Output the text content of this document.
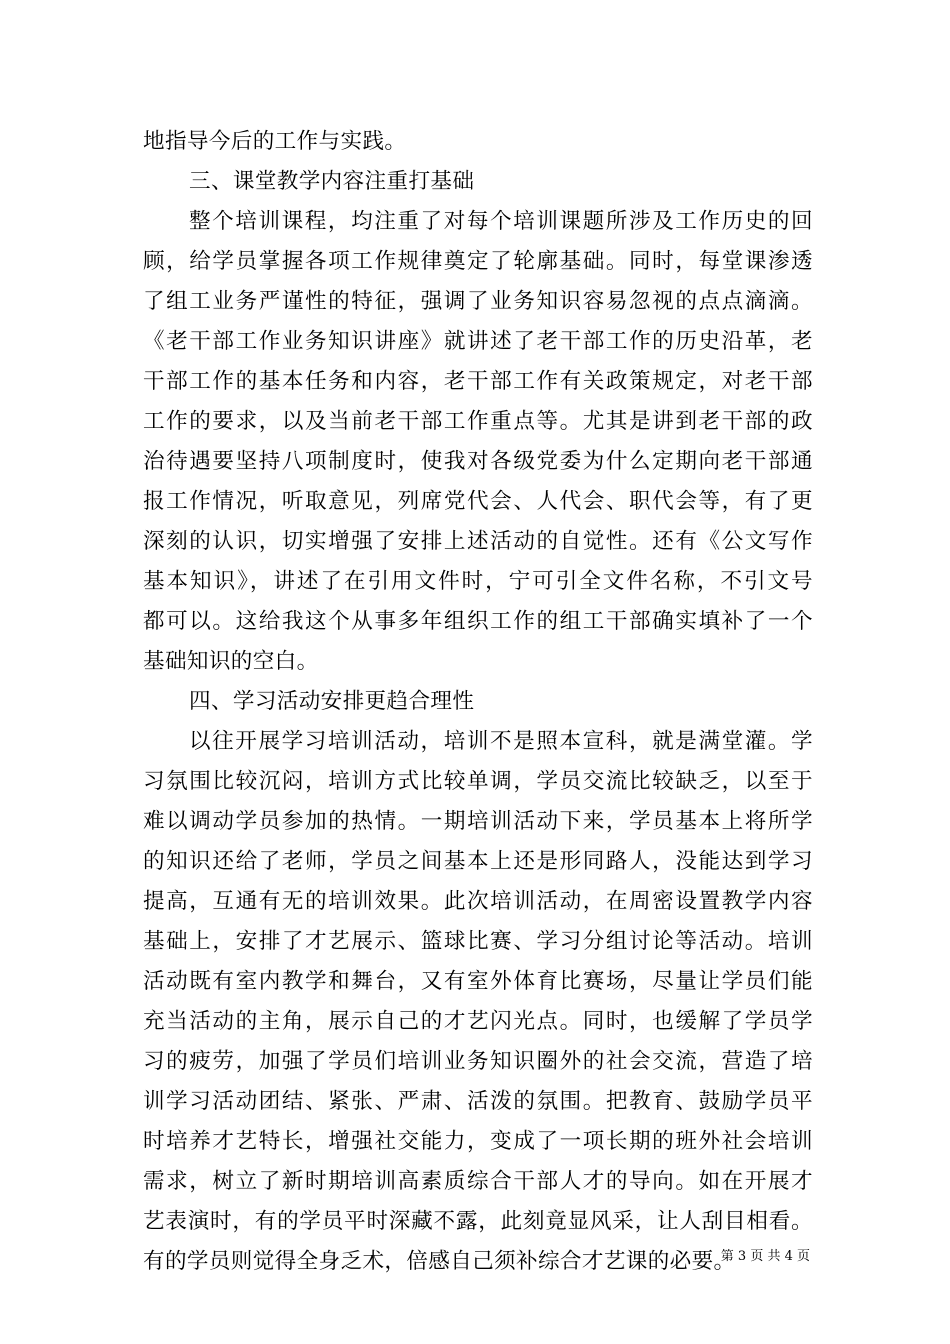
地指导今后的工作与实践。
三、课堂教学内容注重打基础
整个培训课程，均注重了对每个培训课题所涉及工作历史的回
顾，给学员掌握各项工作规律奠定了轮廓基础。同时，每堂课渗透
了组工业务严谨性的特征，强调了业务知识容易忽视的点点滴滴。
《老干部工作业务知识讲座》就讲述了老干部工作的历史沿革，老
干部工作的基本任务和内容，老干部工作有关政策规定，对老干部
工作的要求，以及当前老干部工作重点等。尤其是讲到老干部的政
治待遇要坚持八项制度时，使我对各级党委为什么定期向老干部通
报工作情况，听取意见，列席党代会、人代会、职代会等，有了更
深刻的认识，切实增强了安排上述活动的自觉性。还有《公文写作
基本知识》，讲述了在引用文件时，宁可引全文件名称，不引文号
都可以。这给我这个从事多年组织工作的组工干部确实填补了一个
基础知识的空白。
四、学习活动安排更趋合理性
以往开展学习培训活动，培训不是照本宣科，就是满堂灌。学
习氛围比较沉闷，培训方式比较单调，学员交流比较缺乏，以至于
难以调动学员参加的热情。一期培训活动下来，学员基本上将所学
的知识还给了老师，学员之间基本上还是形同路人，没能达到学习
提高，互通有无的培训效果。此次培训活动，在周密设置教学内容
基础上，安排了才艺展示、篮球比赛、学习分组讨论等活动。培训
活动既有室内教学和舞台，又有室外体育比赛场，尽量让学员们能
充当活动的主角，展示自己的才艺闪光点。同时，也缓解了学员学
习的疲劳，加强了学员们培训业务知识圈外的社会交流，营造了培
训学习活动团结、紧张、严肃、活泼的氛围。把教育、鼓励学员平
时培养才艺特长，增强社交能力，变成了一项长期的班外社会培训
需求，树立了新时期培训高素质综合干部人才的导向。如在开展才
艺表演时，有的学员平时深藏不露，此刻竟显风采，让人刮目相看。
有的学员则觉得全身乏术，倍感自己须补综合才艺课的必要。
第 3 页 共 4 页
